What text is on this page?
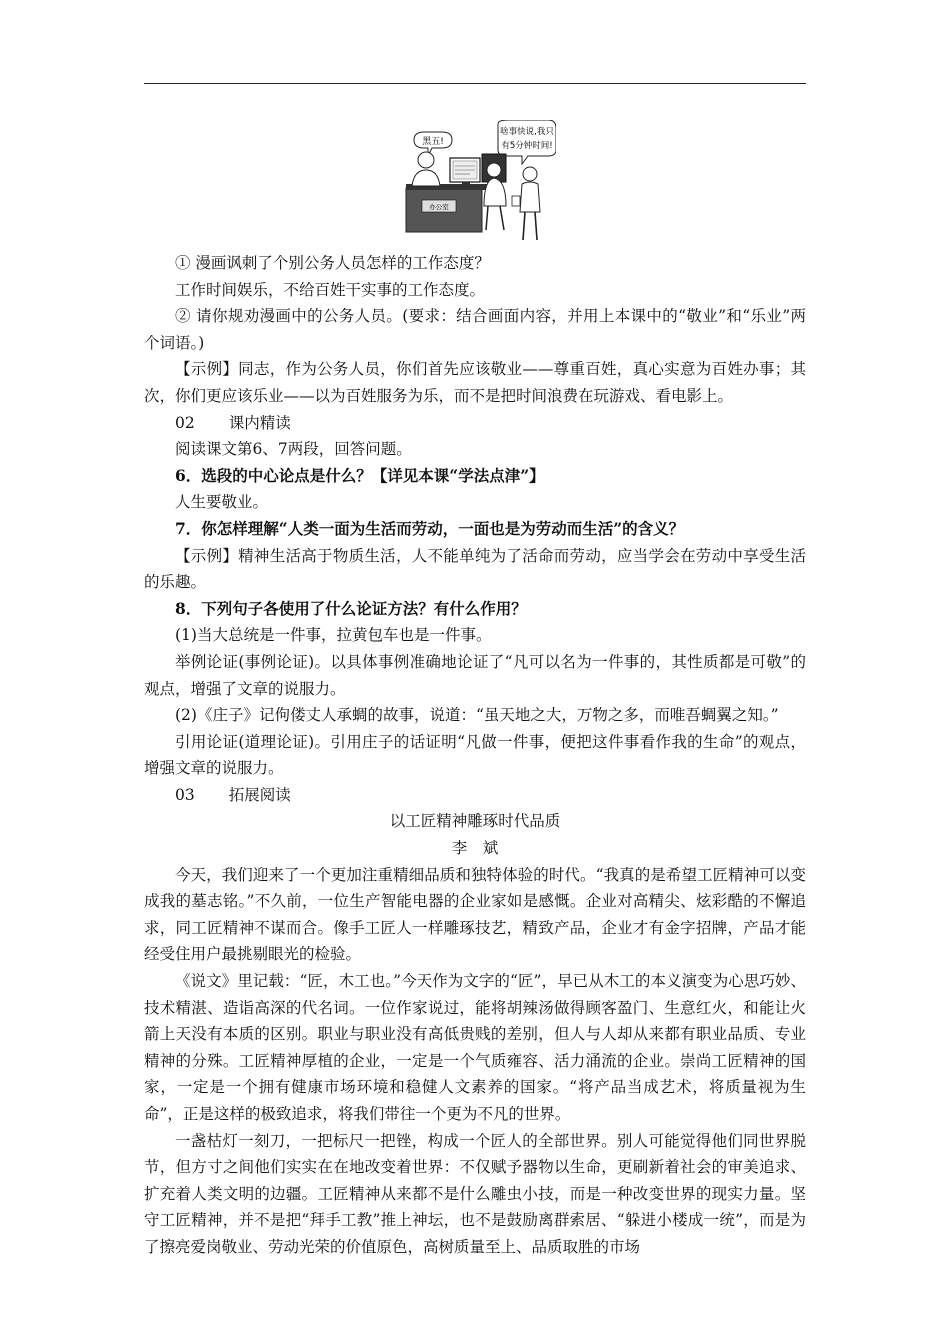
黑五!
啥事快说,我只
有5分钟时间!
办公室

① 漫画讽刺了个别公务人员怎样的工作态度？

工作时间娱乐，不给百姓干实事的工作态度。

② 请你规劝漫画中的公务人员。(要求：结合画面内容，并用上本课中的“敬业”和“乐业”两个词语。)

【示例】同志，作为公务人员，你们首先应该敬业——尊重百姓，真心实意为百姓办事；其次，你们更应该乐业——以为百姓服务为乐，而不是把时间浪费在玩游戏、看电影上。

02 课内精读

阅读课文第6、7两段，回答问题。

6．选段的中心论点是什么？【详见本课“学法点津”】

人生要敬业。

7．你怎样理解“人类一面为生活而劳动，一面也是为劳动而生活”的含义？

【示例】精神生活高于物质生活，人不能单纯为了活命而劳动，应当学会在劳动中享受生活的乐趣。

8．下列句子各使用了什么论证方法？有什么作用？

(1)当大总统是一件事，拉黄包车也是一件事。

举例论证(事例论证)。以具体事例准确地论证了“凡可以名为一件事的，其性质都是可敬”的观点，增强了文章的说服力。

(2)《庄子》记佝偻丈人承蜩的故事，说道：“虽天地之大，万物之多，而唯吾蜩翼之知。”

引用论证(道理论证)。引用庄子的话证明“凡做一件事，便把这件事看作我的生命”的观点，增强文章的说服力。

03 拓展阅读

以工匠精神雕琢时代品质

李　斌

今天，我们迎来了一个更加注重精细品质和独特体验的时代。“我真的是希望工匠精神可以变成我的墓志铭。”不久前，一位生产智能电器的企业家如是感慨。企业对高精尖、炫彩酷的不懈追求，同工匠精神不谋而合。像手工匠人一样雕琢技艺，精致产品，企业才有金字招牌，产品才能经受住用户最挑剔眼光的检验。

《说文》里记载：“匠，木工也。”今天作为文字的“匠”，早已从木工的本义演变为心思巧妙、技术精湛、造诣高深的代名词。一位作家说过，能将胡辣汤做得顾客盈门、生意红火，和能让火箭上天没有本质的区别。职业与职业没有高低贵贱的差别，但人与人却从来都有职业品质、专业精神的分殊。工匠精神厚植的企业，一定是一个气质雍容、活力涌流的企业。崇尚工匠精神的国家，一定是一个拥有健康市场环境和稳健人文素养的国家。“将产品当成艺术，将质量视为生命”，正是这样的极致追求，将我们带往一个更为不凡的世界。

一盏枯灯一刻刀，一把标尺一把锉，构成一个匠人的全部世界。别人可能觉得他们同世界脱节，但方寸之间他们实实在在地改变着世界：不仅赋予器物以生命，更刷新着社会的审美追求、扩充着人类文明的边疆。工匠精神从来都不是什么雕虫小技，而是一种改变世界的现实力量。坚守工匠精神，并不是把“拜手工教”推上神坛，也不是鼓励离群索居、“躲进小楼成一统”，而是为了擦亮爱岗敬业、劳动光荣的价值原色，高树质量至上、品质取胜的市场
